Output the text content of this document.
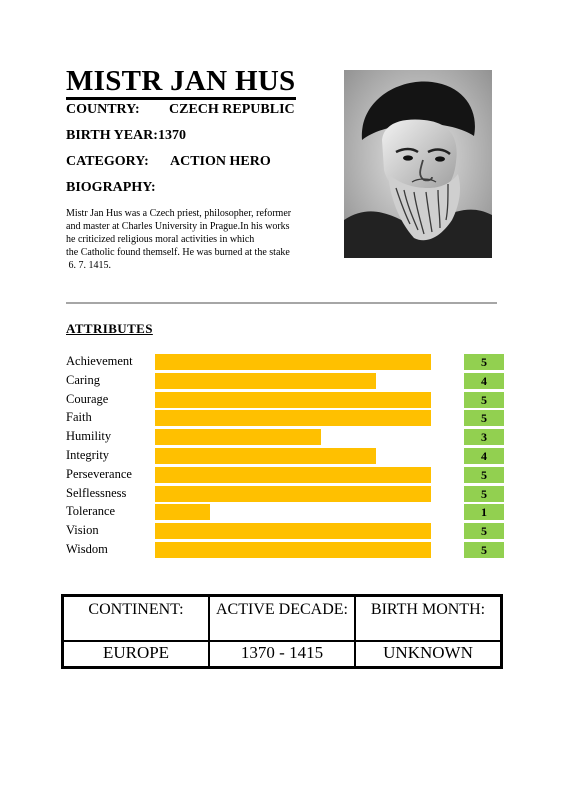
MISTR JAN HUS
COUNTRY: CZECH REPUBLIC
BIRTH YEAR:1370
CATEGORY: ACTION HERO
BIOGRAPHY:
Mistr Jan Hus was a Czech priest, philosopher, reformer
and master at Charles University in Prague.In his works
he criticized religious moral activities in which
the Catholic found themself. He was burned at the stake
6. 7. 1415.
ATTRIBUTES
Achievement	5
Caring	4
Courage	5
Faith	5
Humility	3
Integrity	4
Perseverance	5
Selflessness	5
Tolerance	1
Vision	5
Wisdom	5
CONTINENT:	ACTIVE DECADE:	BIRTH MONTH:
EUROPE	1370 - 1415	UNKNOWN
